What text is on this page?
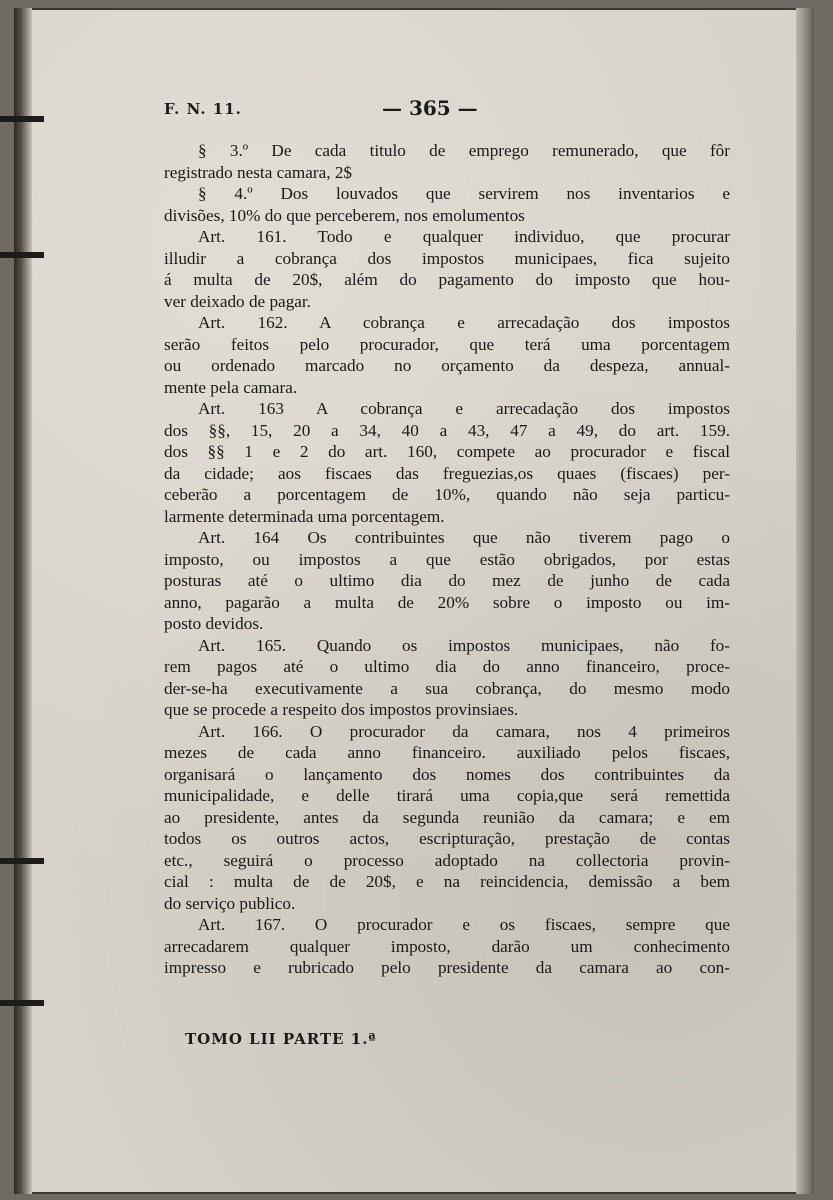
F. N. 11.	— 365 —
§ 3.º De cada titulo de emprego remunerado, que fôr
registrado nesta camara, 2$
§ 4.º Dos louvados que servirem nos inventarios e
divisões, 10% do que perceberem, nos emolumentos
Art. 161. Todo e qualquer individuo, que procurar
illudir a cobrança dos impostos municipaes, fica sujeito
á multa de 20$, além do pagamento do imposto que hou-
ver deixado de pagar.
Art. 162. A cobrança e arrecadação dos impostos
serão feitos pelo procurador, que terá uma porcentagem
ou ordenado marcado no orçamento da despeza, annual-
mente pela camara.
Art. 163 A cobrança e arrecadação dos impostos
dos §§, 15, 20 a 34, 40 a 43, 47 a 49, do art. 159.
dos §§ 1 e 2 do art. 160, compete ao procurador e fiscal
da cidade; aos fiscaes das freguezias,os quaes (fiscaes) per-
ceberão a porcentagem de 10%, quando não seja particu-
larmente determinada uma porcentagem.
Art. 164 Os contribuintes que não tiverem pago o
imposto, ou impostos a que estão obrigados, por estas
posturas até o ultimo dia do mez de junho de cada
anno, pagarão a multa de 20% sobre o imposto ou im-
posto devidos.
Art. 165. Quando os impostos municipaes, não fo-
rem pagos até o ultimo dia do anno financeiro, proce-
der-se-ha executivamente a sua cobrança, do mesmo modo
que se procede a respeito dos impostos provinsiaes.
Art. 166. O procurador da camara, nos 4 primeiros
mezes de cada anno financeiro. auxiliado pelos fiscaes,
organisará o lançamento dos nomes dos contribuintes da
municipalidade, e delle tirará uma copia,que será remettida
ao presidente, antes da segunda reunião da camara; e em
todos os outros actos, escripturação, prestação de contas
etc., seguirá o processo adoptado na collectoria provin-
cial : multa de de 20$, e na reincidencia, demissão a bem
do serviço publico.
Art. 167. O procurador e os fiscaes, sempre que
arrecadarem qualquer imposto, darão um conhecimento
impresso e rubricado pelo presidente da camara ao con-
TOMO LII PARTE 1.ª
